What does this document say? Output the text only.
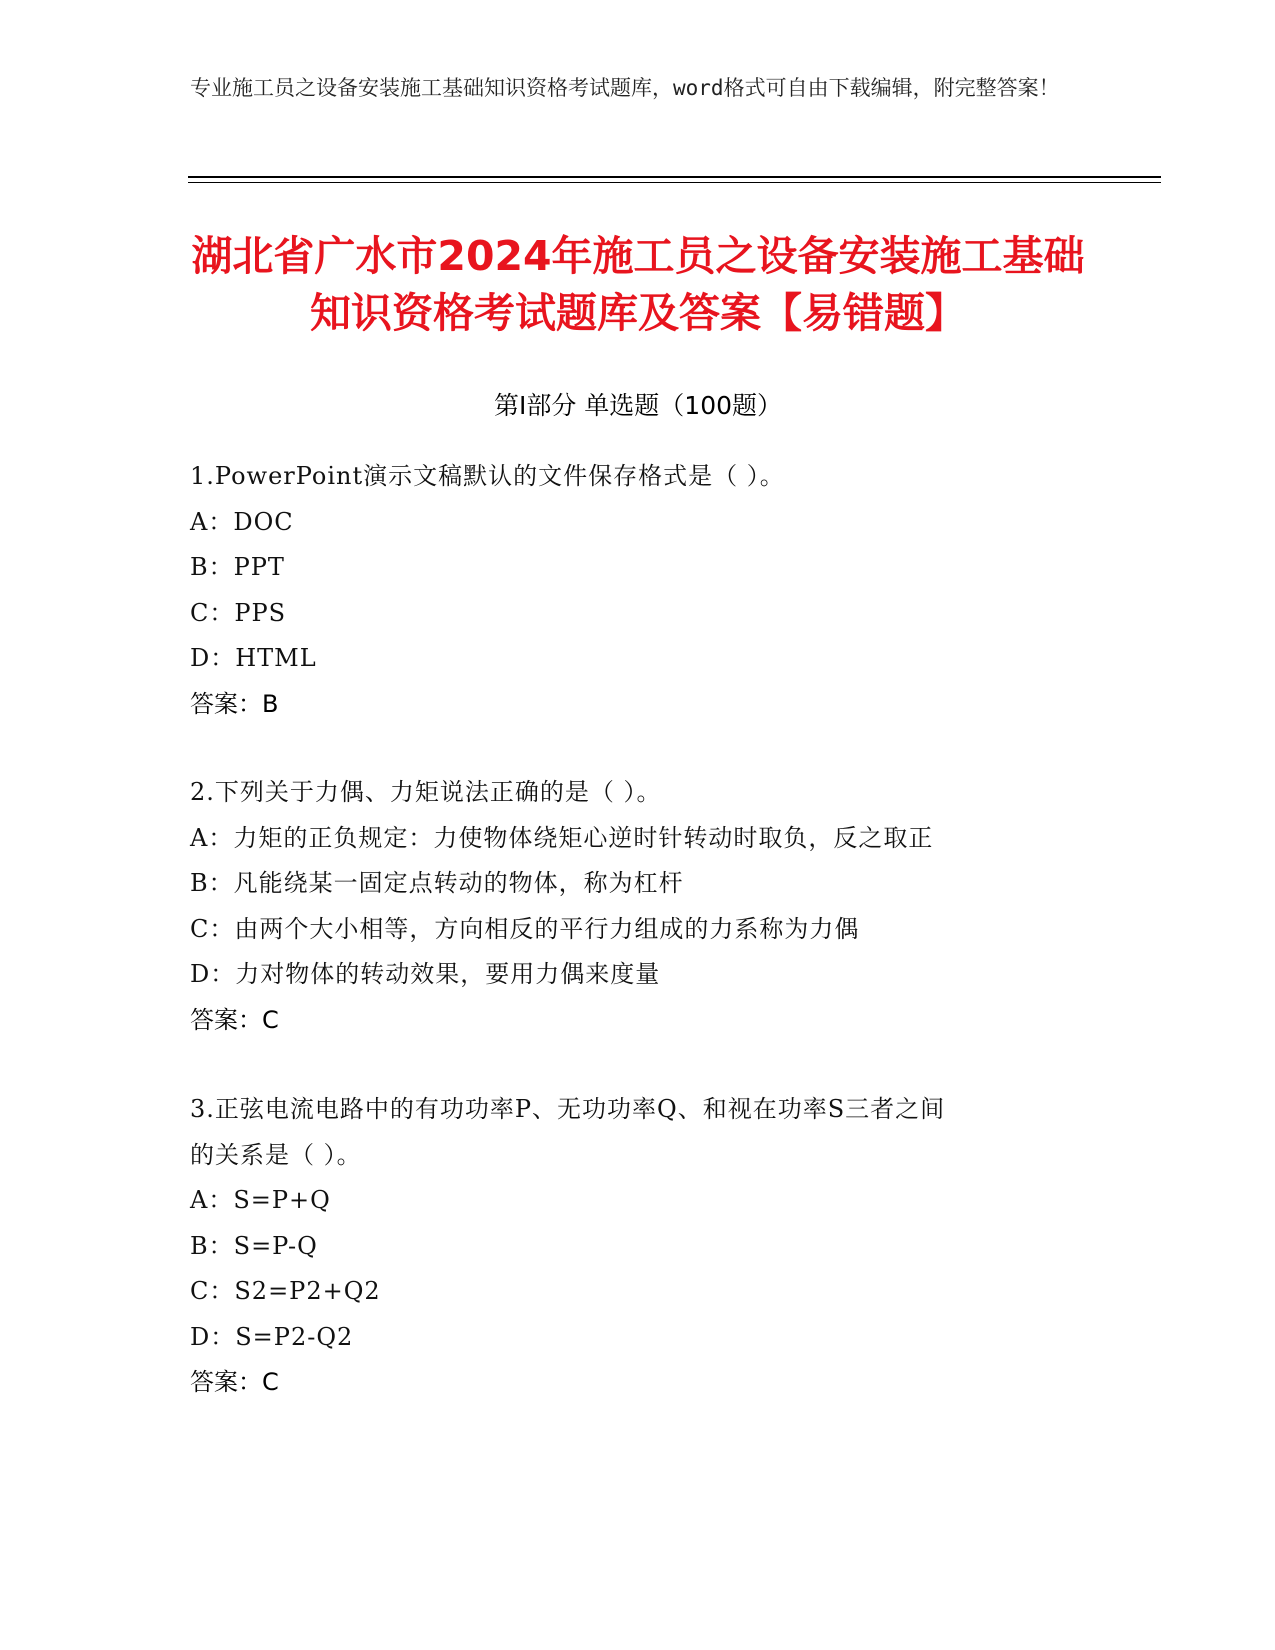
专业施工员之设备安装施工基础知识资格考试题库，word格式可自由下载编辑，附完整答案！
湖北省广水市2024年施工员之设备安装施工基础知识资格考试题库及答案【易错题】
第I部分 单选题（100题）
1.PowerPoint演示文稿默认的文件保存格式是（ ）。
A：DOC
B：PPT
C：PPS
D：HTML
答案：B
2.下列关于力偶、力矩说法正确的是（ ）。
A：力矩的正负规定：力使物体绕矩心逆时针转动时取负，反之取正
B：凡能绕某一固定点转动的物体，称为杠杆
C：由两个大小相等，方向相反的平行力组成的力系称为力偶
D：力对物体的转动效果，要用力偶来度量
答案：C
3.正弦电流电路中的有功功率P、无功功率Q、和视在功率S三者之间
的关系是（ ）。
A：S=P+Q
B：S=P-Q
C：S2=P2+Q2
D：S=P2-Q2
答案：C
